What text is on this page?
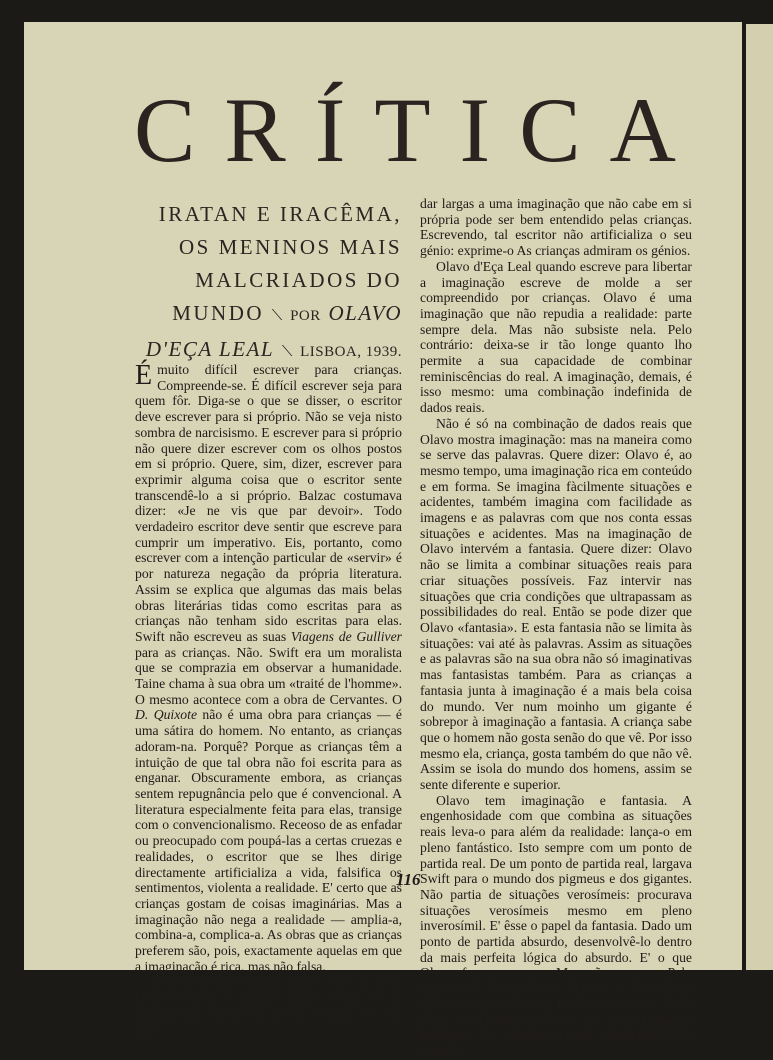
CRÍTICA
IRATAN E IRACÊMA,
OS MENINOS MAIS
MALCRIADOS DO
MUNDO ⟍ POR OLAVO
D'EÇA LEAL ⟍ LISBOA, 1939.

Émuito difícil escrever para crianças. Compreende-se. É difícil escrever seja para quem fôr. Diga-se o que se disser, o escritor deve escrever para si próprio. Não se veja nisto sombra de narcisismo. E escrever para si próprio não quere dizer escrever com os olhos postos em si próprio. Quere, sim, dizer, escrever para exprimir alguma coisa que o escritor sente transcendê-lo a si próprio. Balzac costumava dizer: «Je ne vis que par devoir». Todo verdadeiro escritor deve sentir que escreve para cumprir um imperativo. Eis, portanto, como escrever com a intenção particular de «servir» é por natureza negação da própria literatura. Assim se explica que algumas das mais belas obras literárias tidas como escritas para as crianças não tenham sido escritas para elas. Swift não escreveu as suas Viagens de Gulliver para as crianças. Não. Swift era um moralista que se comprazia em observar a humanidade. Taine chama à sua obra um «traité de l'homme». O mesmo acontece com a obra de Cervantes. O D. Quixote não é uma obra para crianças — é uma sátira do homem. No entanto, as crianças adoram-na. Porquê? Porque as crianças têm a intuição de que tal obra não foi escrita para as enganar. Obscuramente embora, as crianças sentem repugnância pelo que é convencional. A literatura especialmente feita para elas, transige com o convencionalismo. Receoso de as enfadar ou preocupado com poupá-las a certas cruezas e realidades, o escritor que se lhes dirige directamente artificializa a vida, falsifica os sentimentos, violenta a realidade. E' certo que as crianças gostam de coisas imaginárias. Mas a imaginação não nega a realidade — amplia-a, combina-a, complica-a. As obras que as crianças preferem são, pois, exactamente aquelas em que a imaginação é rica, mas não falsa.

Escrever para crianças, repito, não é fácil. Deve escrever-se para crianças como se as crianças não existissem Isto é: só quem escreve para

dar largas a uma imaginação que não cabe em si própria pode ser bem entendido pelas crianças. Escrevendo, tal escritor não artificializa o seu génio: exprime-o As crianças admiram os génios.

Olavo d'Eça Leal quando escreve para libertar a imaginação escreve de molde a ser compreendido por crianças. Olavo é uma imaginação que não repudia a realidade: parte sempre dela. Mas não subsiste nela. Pelo contrário: deixa-se ir tão longe quanto lho permite a sua capacidade de combinar reminiscências do real. A imaginação, demais, é isso mesmo: uma combinação indefinida de dados reais.

Não é só na combinação de dados reais que Olavo mostra imaginação: mas na maneira como se serve das palavras. Quere dizer: Olavo é, ao mesmo tempo, uma imaginação rica em conteúdo e em forma. Se imagina fàcilmente situações e acidentes, também imagina com facilidade as imagens e as palavras com que nos conta essas situações e acidentes. Mas na imaginação de Olavo intervém a fantasia. Quere dizer: Olavo não se limita a combinar situações reais para criar situações possíveis. Faz intervir nas situações que cria condições que ultrapassam as possibilidades do real. Então se pode dizer que Olavo «fantasia». E esta fantasia não se limita às situações: vai até às palavras. Assim as situações e as palavras são na sua obra não só imaginativas mas fantasistas também. Para as crianças a fantasia junta à imaginação é a mais bela coisa do mundo. Ver num moinho um gigante é sobrepor à imaginação a fantasia. A criança sabe que o homem não gosta senão do que vê. Por isso mesmo ela, criança, gosta também do que não vê. Assim se isola do mundo dos homens, assim se sente diferente e superior.

Olavo tem imaginação e fantasia. A engenhosidade com que combina as situações reais leva-o para além da realidade: lança-o em pleno fantástico. Isto sempre com um ponto de partida real. De um ponto de partida real, largava Swift para o mundo dos pigmeus e dos gigantes. Não partia de situações verosímeis: procurava situações verosímeis mesmo em pleno inverosímil. E' êsse o papel da fantasia. Dado um ponto de partida absurdo, desenvolvê-lo dentro da mais perfeita lógica do absurdo. E' o que Olavo faz por vezes. Mas não sempre. Pelo menos não o faz com a lógica e a persistência que seriam para desejar. Pelo menos não o soube fazer completamente neste seu livro Iratan e Iracêma, os meninos mais malcriados do mundo.

116
